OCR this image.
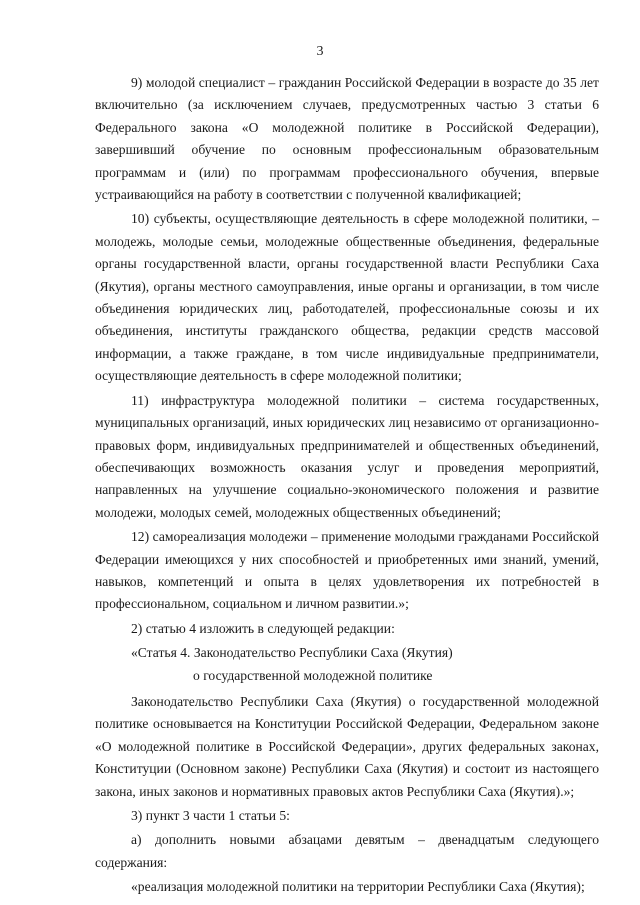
3

9) молодой специалист – гражданин Российской Федерации в возрасте до 35 лет включительно (за исключением случаев, предусмотренных частью 3 статьи 6 Федерального закона «О молодежной политике в Российской Федерации), завершивший обучение по основным профессиональным образовательным программам и (или) по программам профессионального обучения, впервые устраивающийся на работу в соответствии с полученной квалификацией;

10) субъекты, осуществляющие деятельность в сфере молодежной политики, – молодежь, молодые семьи, молодежные общественные объединения, федеральные органы государственной власти, органы государственной власти Республики Саха (Якутия), органы местного самоуправления, иные органы и организации, в том числе объединения юридических лиц, работодателей, профессиональные союзы и их объединения, институты гражданского общества, редакции средств массовой информации, а также граждане, в том числе индивидуальные предприниматели, осуществляющие деятельность в сфере молодежной политики;

11) инфраструктура молодежной политики – система государственных, муниципальных организаций, иных юридических лиц независимо от организационно-правовых форм, индивидуальных предпринимателей и общественных объединений, обеспечивающих возможность оказания услуг и проведения мероприятий, направленных на улучшение социально-экономического положения и развитие молодежи, молодых семей, молодежных общественных объединений;

12) самореализация молодежи – применение молодыми гражданами Российской Федерации имеющихся у них способностей и приобретенных ими знаний, умений, навыков, компетенций и опыта в целях удовлетворения их потребностей в профессиональном, социальном и личном развитии.»;

2) статью 4 изложить в следующей редакции:

«Статья 4. Законодательство Республики Саха (Якутия)

о государственной молодежной политике

Законодательство Республики Саха (Якутия) о государственной молодежной политике основывается на Конституции Российской Федерации, Федеральном законе «О молодежной политике в Российской Федерации», других федеральных законах, Конституции (Основном законе) Республики Саха (Якутия) и состоит из настоящего закона, иных законов и нормативных правовых актов Республики Саха (Якутия).»;

3) пункт 3 части 1 статьи 5:

а) дополнить новыми абзацами девятым – двенадцатым следующего содержания:

«реализация молодежной политики на территории Республики Саха (Якутия);
